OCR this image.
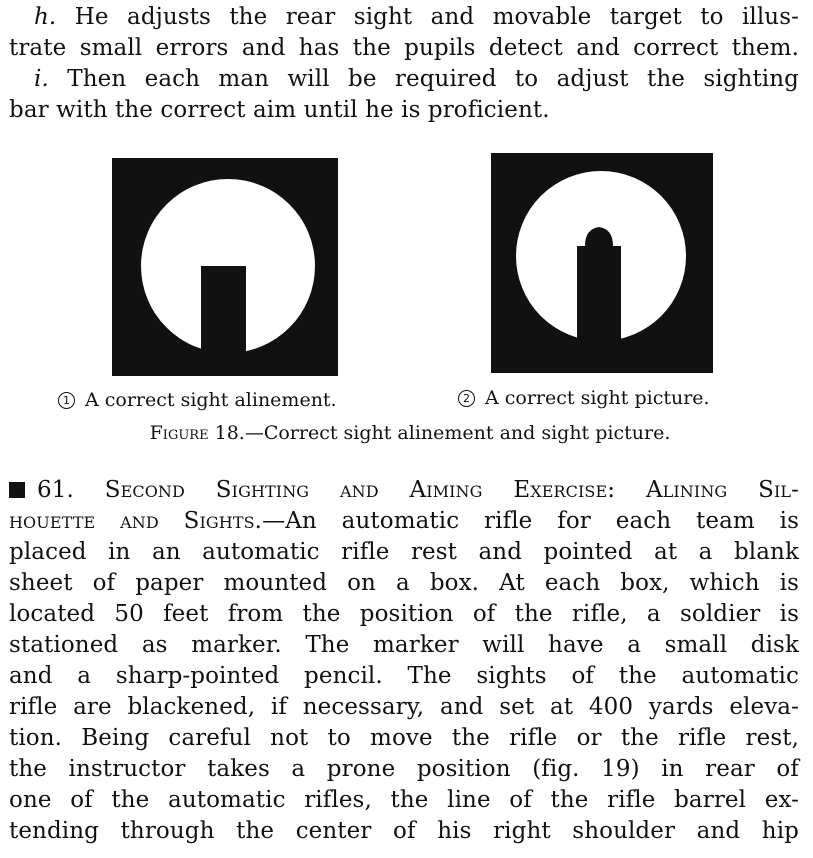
h. He adjusts the rear sight and movable target to illus-
trate small errors and has the pupils detect and correct them.
i. Then each man will be required to adjust the sighting
bar with the correct aim until he is proficient.
1 A correct sight alinement.	2 A correct sight picture.
Figure 18.—Correct sight alinement and sight picture.
61. Second Sighting and Aiming Exercise: Alining Sil-
houette and Sights.—An automatic rifle for each team is
placed in an automatic rifle rest and pointed at a blank
sheet of paper mounted on a box. At each box, which is
located 50 feet from the position of the rifle, a soldier is
stationed as marker. The marker will have a small disk
and a sharp-pointed pencil. The sights of the automatic
rifle are blackened, if necessary, and set at 400 yards eleva-
tion. Being careful not to move the rifle or the rifle rest,
the instructor takes a prone position (fig. 19) in rear of
one of the automatic rifles, the line of the rifle barrel ex-
tending through the center of his right shoulder and hip
